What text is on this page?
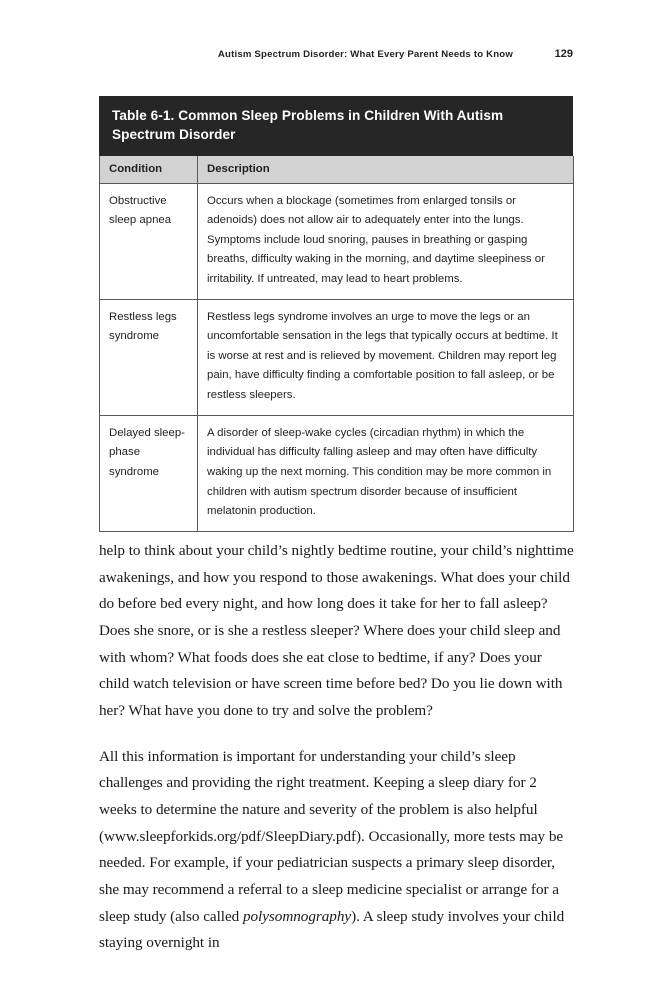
Autism Spectrum Disorder: What Every Parent Needs to Know	129
Table 6-1. Common Sleep Problems in Children With Autism Spectrum Disorder
Condition	Description
Obstructive sleep apnea	Occurs when a blockage (sometimes from enlarged tonsils or adenoids) does not allow air to adequately enter into the lungs. Symptoms include loud snoring, pauses in breathing or gasping breaths, difficulty waking in the morning, and daytime sleepiness or irritability. If untreated, may lead to heart problems.
Restless legs syndrome	Restless legs syndrome involves an urge to move the legs or an uncomfortable sensation in the legs that typically occurs at bedtime. It is worse at rest and is relieved by movement. Children may report leg pain, have difficulty finding a comfortable position to fall asleep, or be restless sleepers.
Delayed sleep-phase syndrome	A disorder of sleep-wake cycles (circadian rhythm) in which the individual has difficulty falling asleep and may often have difficulty waking up the next morning. This condition may be more common in children with autism spectrum disorder because of insufficient melatonin production.

help to think about your child’s nightly bedtime routine, your child’s nighttime awakenings, and how you respond to those awakenings. What does your child do before bed every night, and how long does it take for her to fall asleep? Does she snore, or is she a restless sleeper? Where does your child sleep and with whom? What foods does she eat close to bedtime, if any? Does your child watch television or have screen time before bed? Do you lie down with her? What have you done to try and solve the problem?

All this information is important for understanding your child’s sleep challenges and providing the right treatment. Keeping a sleep diary for 2 weeks to determine the nature and severity of the problem is also helpful (www.sleepforkids.org/pdf/SleepDiary.pdf). Occasionally, more tests may be needed. For example, if your pediatrician suspects a primary sleep disorder, she may recommend a referral to a sleep medicine specialist or arrange for a sleep study (also called polysomnography). A sleep study involves your child staying overnight in
